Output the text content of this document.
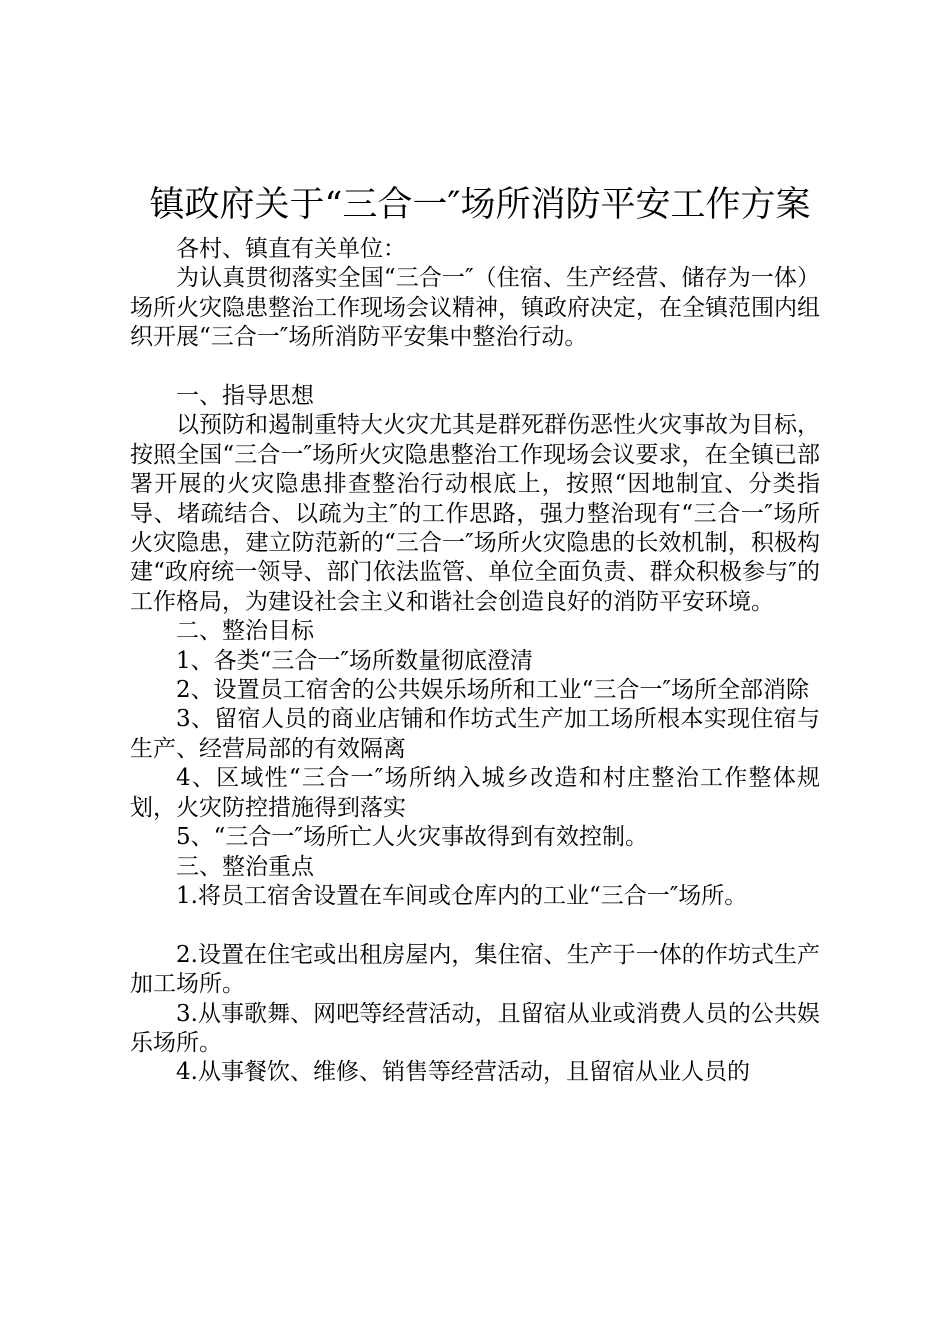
镇政府关于“三合一″场所消防平安工作方案

各村、镇直有关单位：

为认真贯彻落实全国“三合一″（住宿、生产经营、储存为一体）场所火灾隐患整治工作现场会议精神，镇政府决定，在全镇范围内组织开展“三合一″场所消防平安集中整治行动。

一、指导思想

以预防和遏制重特大火灾尤其是群死群伤恶性火灾事故为目标，按照全国“三合一″场所火灾隐患整治工作现场会议要求，在全镇已部署开展的火灾隐患排查整治行动根底上，按照“因地制宜、分类指导、堵疏结合、以疏为主″的工作思路，强力整治现有“三合一″场所火灾隐患，建立防范新的“三合一″场所火灾隐患的长效机制，积极构建“政府统一领导、部门依法监管、单位全面负责、群众积极参与″的工作格局，为建设社会主义和谐社会创造良好的消防平安环境。

二、整治目标

1、各类“三合一″场所数量彻底澄清

2、设置员工宿舍的公共娱乐场所和工业“三合一″场所全部消除

3、留宿人员的商业店铺和作坊式生产加工场所根本实现住宿与生产、经营局部的有效隔离

4、区域性“三合一″场所纳入城乡改造和村庄整治工作整体规划，火灾防控措施得到落实

5、“三合一″场所亡人火灾事故得到有效控制。

三、整治重点

1.将员工宿舍设置在车间或仓库内的工业“三合一″场所。

2.设置在住宅或出租房屋内，集住宿、生产于一体的作坊式生产加工场所。

3.从事歌舞、网吧等经营活动，且留宿从业或消费人员的公共娱乐场所。

4.从事餐饮、维修、销售等经营活动，且留宿从业人员的
